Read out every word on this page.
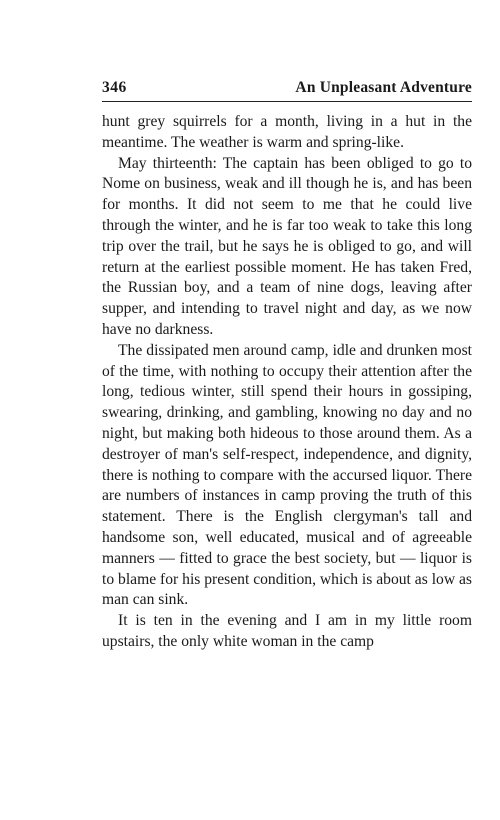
346	An Unpleasant Adventure

hunt grey squirrels for a month, living in a hut in the meantime. The weather is warm and spring-like.

May thirteenth: The captain has been obliged to go to Nome on business, weak and ill though he is, and has been for months. It did not seem to me that he could live through the winter, and he is far too weak to take this long trip over the trail, but he says he is obliged to go, and will return at the earliest possible moment. He has taken Fred, the Russian boy, and a team of nine dogs, leaving after supper, and intending to travel night and day, as we now have no darkness.

The dissipated men around camp, idle and drunken most of the time, with nothing to occupy their attention after the long, tedious winter, still spend their hours in gossiping, swearing, drinking, and gambling, knowing no day and no night, but making both hideous to those around them. As a destroyer of man's self-respect, independence, and dignity, there is nothing to compare with the accursed liquor. There are numbers of instances in camp proving the truth of this statement. There is the English clergyman's tall and handsome son, well educated, musical and of agreeable manners — fitted to grace the best society, but — liquor is to blame for his present condition, which is about as low as man can sink.

It is ten in the evening and I am in my little room upstairs, the only white woman in the camp
